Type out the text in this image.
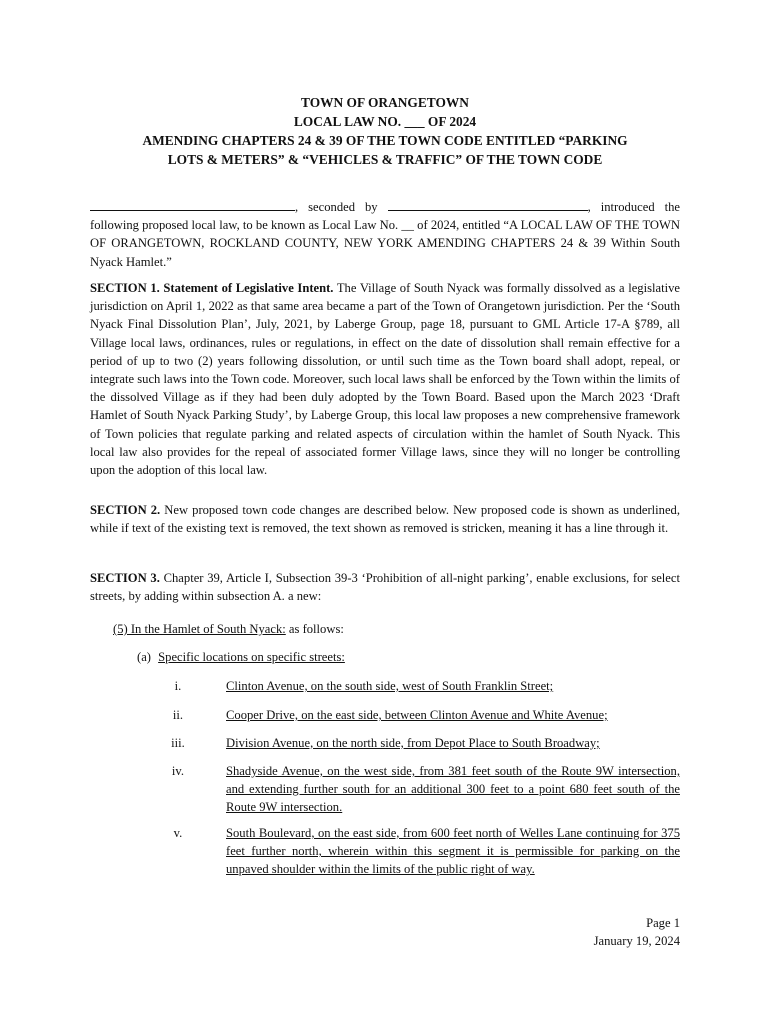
TOWN OF ORANGETOWN
LOCAL LAW NO. ___ OF 2024
AMENDING CHAPTERS 24 & 39 OF THE TOWN CODE ENTITLED “PARKING
LOTS & METERS” & “VEHICLES & TRAFFIC” OF THE TOWN CODE
, seconded by	, introduced the following proposed local law, to be known as Local Law No. __ of 2024, entitled “A LOCAL LAW OF THE TOWN OF ORANGETOWN, ROCKLAND COUNTY, NEW YORK AMENDING CHAPTERS 24 & 39 Within South Nyack Hamlet.”
SECTION 1. Statement of Legislative Intent. The Village of South Nyack was formally dissolved as a legislative jurisdiction on April 1, 2022 as that same area became a part of the Town of Orangetown jurisdiction. Per the ‘South Nyack Final Dissolution Plan’, July, 2021, by Laberge Group, page 18, pursuant to GML Article 17-A §789, all Village local laws, ordinances, rules or regulations, in effect on the date of dissolution shall remain effective for a period of up to two (2) years following dissolution, or until such time as the Town board shall adopt, repeal, or integrate such laws into the Town code. Moreover, such local laws shall be enforced by the Town within the limits of the dissolved Village as if they had been duly adopted by the Town Board. Based upon the March 2023 ‘Draft Hamlet of South Nyack Parking Study’, by Laberge Group, this local law proposes a new comprehensive framework of Town policies that regulate parking and related aspects of circulation within the hamlet of South Nyack. This local law also provides for the repeal of associated former Village laws, since they will no longer be controlling upon the adoption of this local law.
SECTION 2. New proposed town code changes are described below. New proposed code is shown as underlined, while if text of the existing text is removed, the text shown as removed is stricken, meaning it has a line through it.
SECTION 3. Chapter 39, Article I, Subsection 39-3 ‘Prohibition of all-night parking’, enable exclusions, for select streets, by adding within subsection A. a new:
(5) In the Hamlet of South Nyack: as follows:
(a) Specific locations on specific streets:
i.	Clinton Avenue, on the south side, west of South Franklin Street;
ii.	Cooper Drive, on the east side, between Clinton Avenue and White Avenue;
iii.	Division Avenue, on the north side, from Depot Place to South Broadway;
iv.	Shadyside Avenue, on the west side, from 381 feet south of the Route 9W intersection, and extending further south for an additional 300 feet to a point 680 feet south of the Route 9W intersection.
v.	South Boulevard, on the east side, from 600 feet north of Welles Lane continuing for 375 feet further north, wherein within this segment it is permissible for parking on the unpaved shoulder within the limits of the public right of way.
Page 1
January 19, 2024
